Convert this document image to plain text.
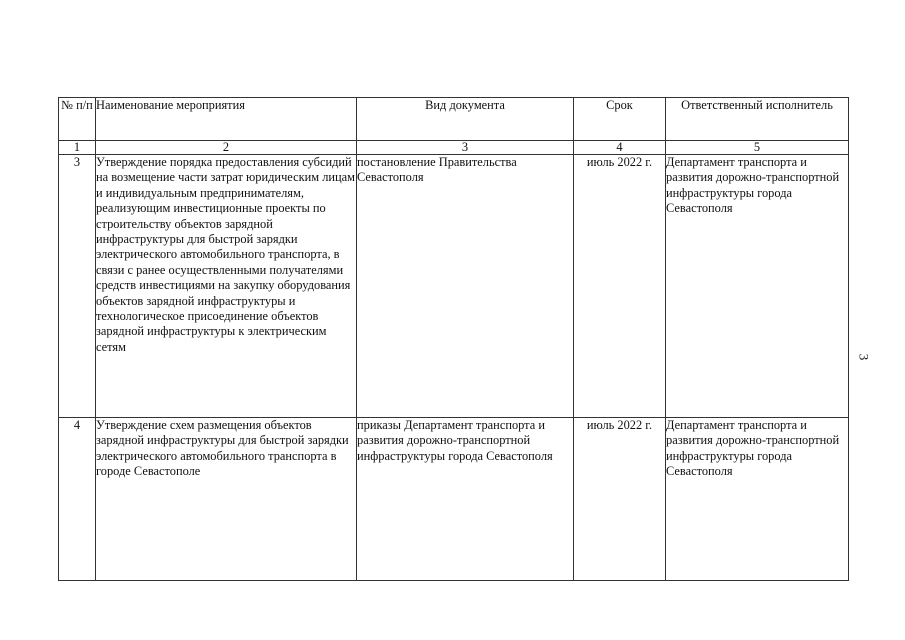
№ п/п	Наименование мероприятия	Вид документа	Срок	Ответственный исполнитель
1	2	3	4	5
3	Утверждение порядка предоставления субсидий на возмещение части затрат юридическим лицам и индивидуальным предпринимателям, реализующим инвестиционные проекты по строительству объектов зарядной инфраструктуры для быстрой зарядки электрического автомобильного транспорта, в связи с ранее осуществленными получателями средств инвестициями на закупку оборудования объектов зарядной инфраструктуры и технологическое присоединение объектов зарядной инфраструктуры к электрическим сетям	постановление Правительства Севастополя	июль 2022 г.	Департамент транспорта и развития дорожно-транспортной инфраструктуры города Севастополя
4	Утверждение схем размещения объектов зарядной инфраструктуры для быстрой зарядки электрического автомобильного транспорта в городе Севастополе	приказы Департамент транспорта и развития дорожно-транспортной инфраструктуры города Севастополя	июль 2022 г.	Департамент транспорта и развития дорожно-транспортной инфраструктуры города Севастополя
3
